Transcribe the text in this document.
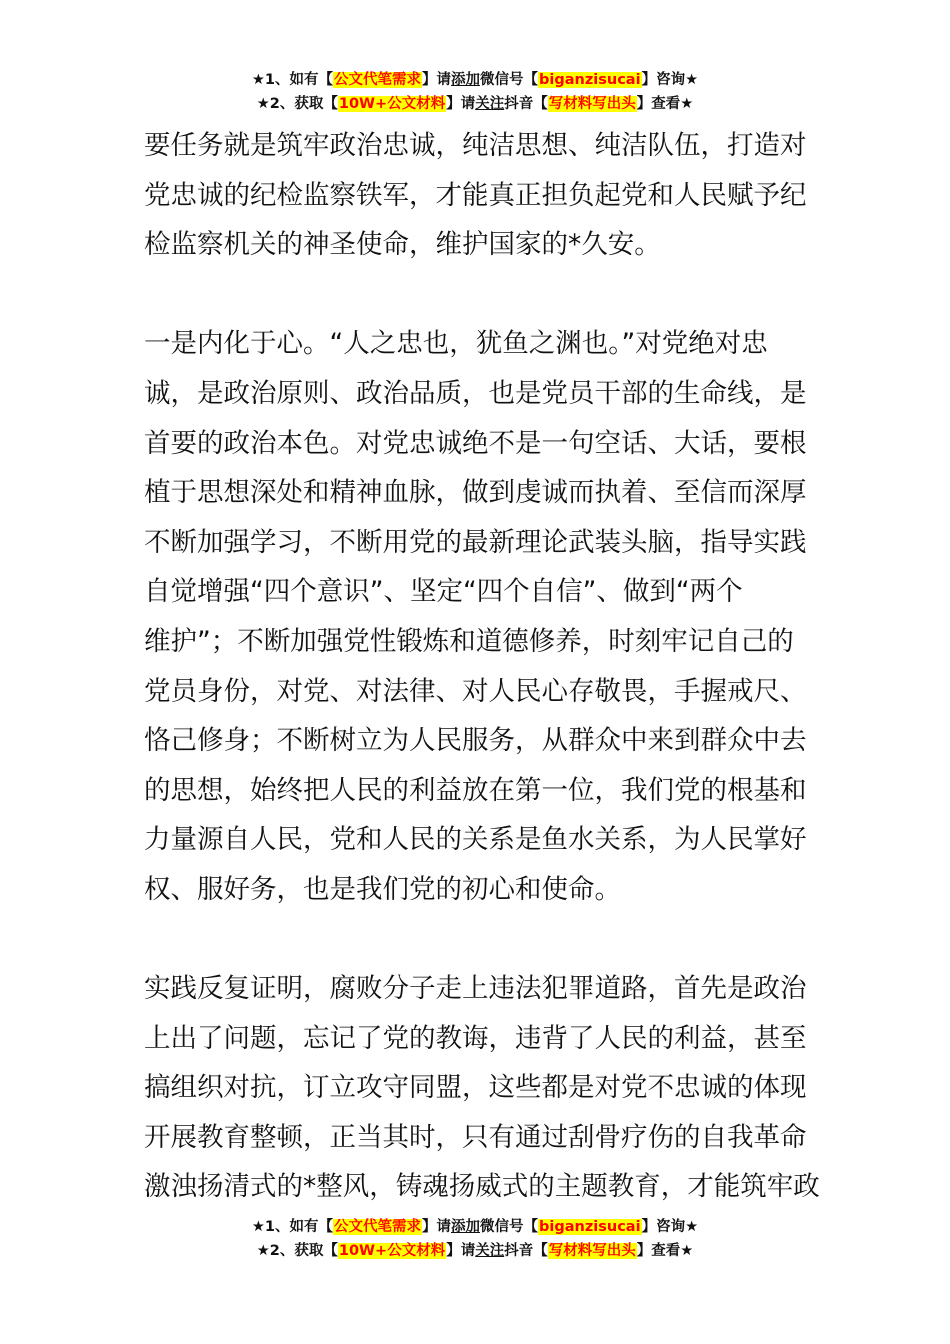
★1、如有【公文代笔需求】请添加微信号【biganzisucai】咨询★
★2、获取【10W+公文材料】请关注抖音【写材料写出头】查看★

要任务就是筑牢政治忠诚，纯洁思想、纯洁队伍，打造对

党忠诚的纪检监察铁军，才能真正担负起党和人民赋予纪

检监察机关的神圣使命，维护国家的*久安。

一是内化于心。“人之忠也，犹鱼之渊也。”对党绝对忠

诚，是政治原则、政治品质，也是党员干部的生命线，是

首要的政治本色。对党忠诚绝不是一句空话、大话，要根

植于思想深处和精神血脉，做到虔诚而执着、至信而深厚

不断加强学习，不断用党的最新理论武装头脑，指导实践

自觉增强“四个意识”、坚定“四个自信”、做到“两个

维护”；不断加强党性锻炼和道德修养，时刻牢记自己的

党员身份，对党、对法律、对人民心存敬畏，手握戒尺、

恪己修身；不断树立为人民服务，从群众中来到群众中去

的思想，始终把人民的利益放在第一位，我们党的根基和

力量源自人民，党和人民的关系是鱼水关系，为人民掌好

权、服好务，也是我们党的初心和使命。

实践反复证明，腐败分子走上违法犯罪道路，首先是政治

上出了问题，忘记了党的教诲，违背了人民的利益，甚至

搞组织对抗，订立攻守同盟，这些都是对党不忠诚的体现

开展教育整顿，正当其时，只有通过刮骨疗伤的自我革命

激浊扬清式的*整风，铸魂扬威式的主题教育，才能筑牢政

★1、如有【公文代笔需求】请添加微信号【biganzisucai】咨询★
★2、获取【10W+公文材料】请关注抖音【写材料写出头】查看★
